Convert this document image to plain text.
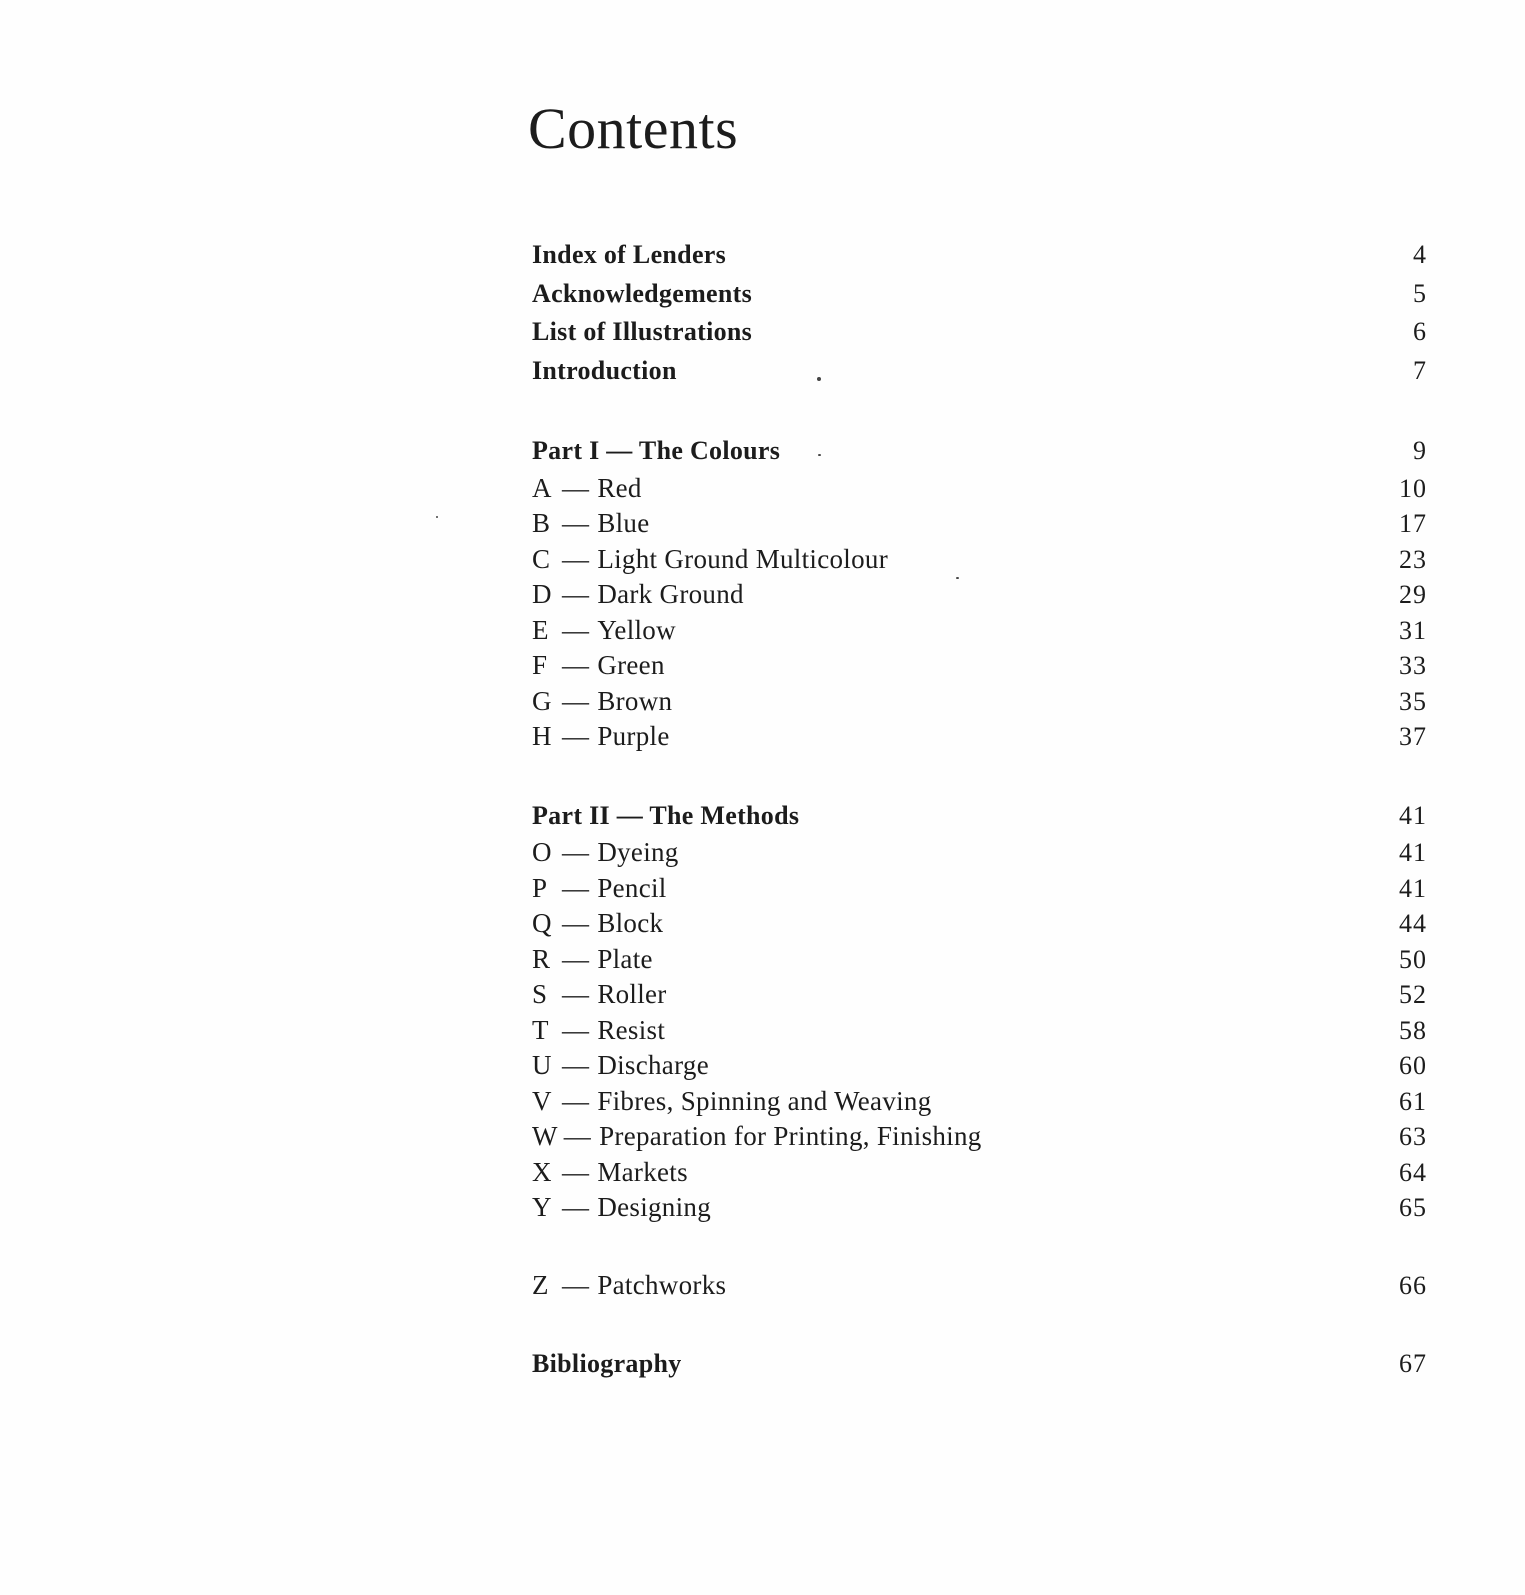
Contents
Index of Lenders	4
Acknowledgements	5
List of Illustrations	6
Introduction	7
Part I — The Colours	9
A — Red	10
B — Blue	17
C — Light Ground Multicolour	23
D — Dark Ground	29
E — Yellow	31
F — Green	33
G — Brown	35
H — Purple	37
Part II — The Methods	41
O — Dyeing	41
P — Pencil	41
Q — Block	44
R — Plate	50
S — Roller	52
T — Resist	58
U — Discharge	60
V — Fibres, Spinning and Weaving	61
W — Preparation for Printing, Finishing	63
X — Markets	64
Y — Designing	65
Z — Patchworks	66
Bibliography	67
